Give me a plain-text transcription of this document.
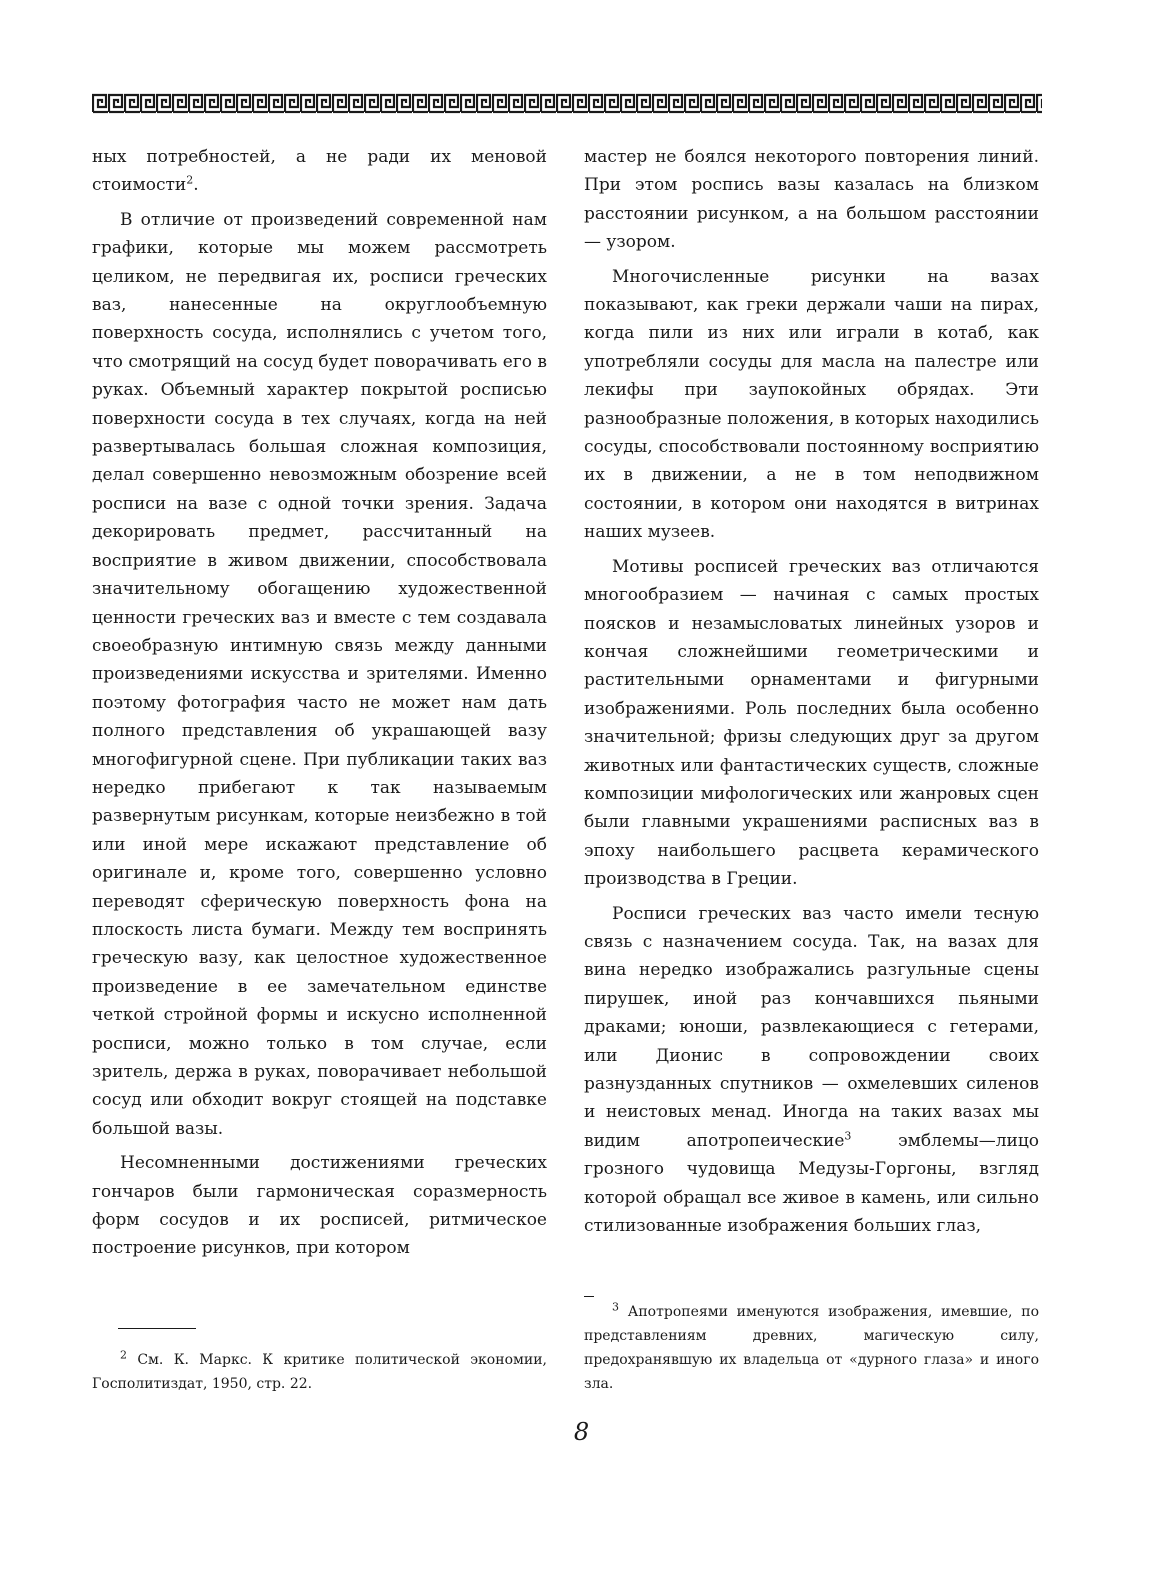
ных потребностей, а не ради их меновой стоимости$^2$.

В отличие от произведений современной нам графики, которые мы можем рассмотреть целиком, не передвигая их, росписи греческих ваз, нанесенные на округлообъемную поверхность сосуда, исполнялись с учетом того, что смотрящий на сосуд будет поворачивать его в руках. Объемный характер покрытой росписью поверхности сосуда в тех случаях, когда на ней развертывалась большая сложная композиция, делал совершенно невозможным обозрение всей росписи на вазе с одной точки зрения. Задача декорировать предмет, рассчитанный на восприятие в живом движении, способствовала значительному обогащению художественной ценности греческих ваз и вместе с тем создавала своеобразную интимную связь между данными произведениями искусства и зрителями. Именно поэтому фотография часто не может нам дать полного представления об украшающей вазу многофигурной сцене. При публикации таких ваз нередко прибегают к так называемым развернутым рисункам, которые неизбежно в той или иной мере искажают представление об оригинале и, кроме того, совершенно условно переводят сферическую поверхность фона на плоскость листа бумаги. Между тем воспринять греческую вазу, как целостное художественное произведение в ее замечательном единстве четкой стройной формы и искусно исполненной росписи, можно только в том случае, если зритель, держа в руках, поворачивает небольшой сосуд или обходит вокруг стоящей на подставке большой вазы.

Несомненными достижениями греческих гончаров были гармоническая соразмерность форм сосудов и их росписей, ритмическое построение рисунков, при котором

$^2$ См. К. Маркс. К критике политической экономии, Госполитиздат, 1950, стр. 22.

мастер не боялся некоторого повторения линий. При этом роспись вазы казалась на близком расстоянии рисунком, а на большом расстоянии — узором.

Многочисленные рисунки на вазах показывают, как греки держали чаши на пирах, когда пили из них или играли в котаб, как употребляли сосуды для масла на палестре или лекифы при заупокойных обрядах. Эти разнообразные положения, в которых находились сосуды, способствовали постоянному восприятию их в движении, а не в том неподвижном состоянии, в котором они находятся в витринах наших музеев.

Мотивы росписей греческих ваз отличаются многообразием — начиная с самых простых поясков и незамысловатых линейных узоров и кончая сложнейшими геометрическими и растительными орнаментами и фигурными изображениями. Роль последних была особенно значительной; фризы следующих друг за другом животных или фантастических существ, сложные композиции мифологических или жанровых сцен были главными украшениями расписных ваз в эпоху наибольшего расцвета керамического производства в Греции.

Росписи греческих ваз часто имели тесную связь с назначением сосуда. Так, на вазах для вина нередко изображались разгульные сцены пирушек, иной раз кончавшихся пьяными драками; юноши, развлекающиеся с гетерами, или Дионис в сопровождении своих разнузданных спутников — охмелевших силенов и неистовых менад. Иногда на таких вазах мы видим апотропеические$^3$ эмблемы—лицо грозного чудовища Медузы-Горгоны, взгляд которой обращал все живое в камень, или сильно стилизованные изображения больших глаз,

$^3$ Апотропеями именуются изображения, имевшие, по представлениям древних, магическую силу, предохранявшую их владельца от «дурного глаза» и иного зла.

8
